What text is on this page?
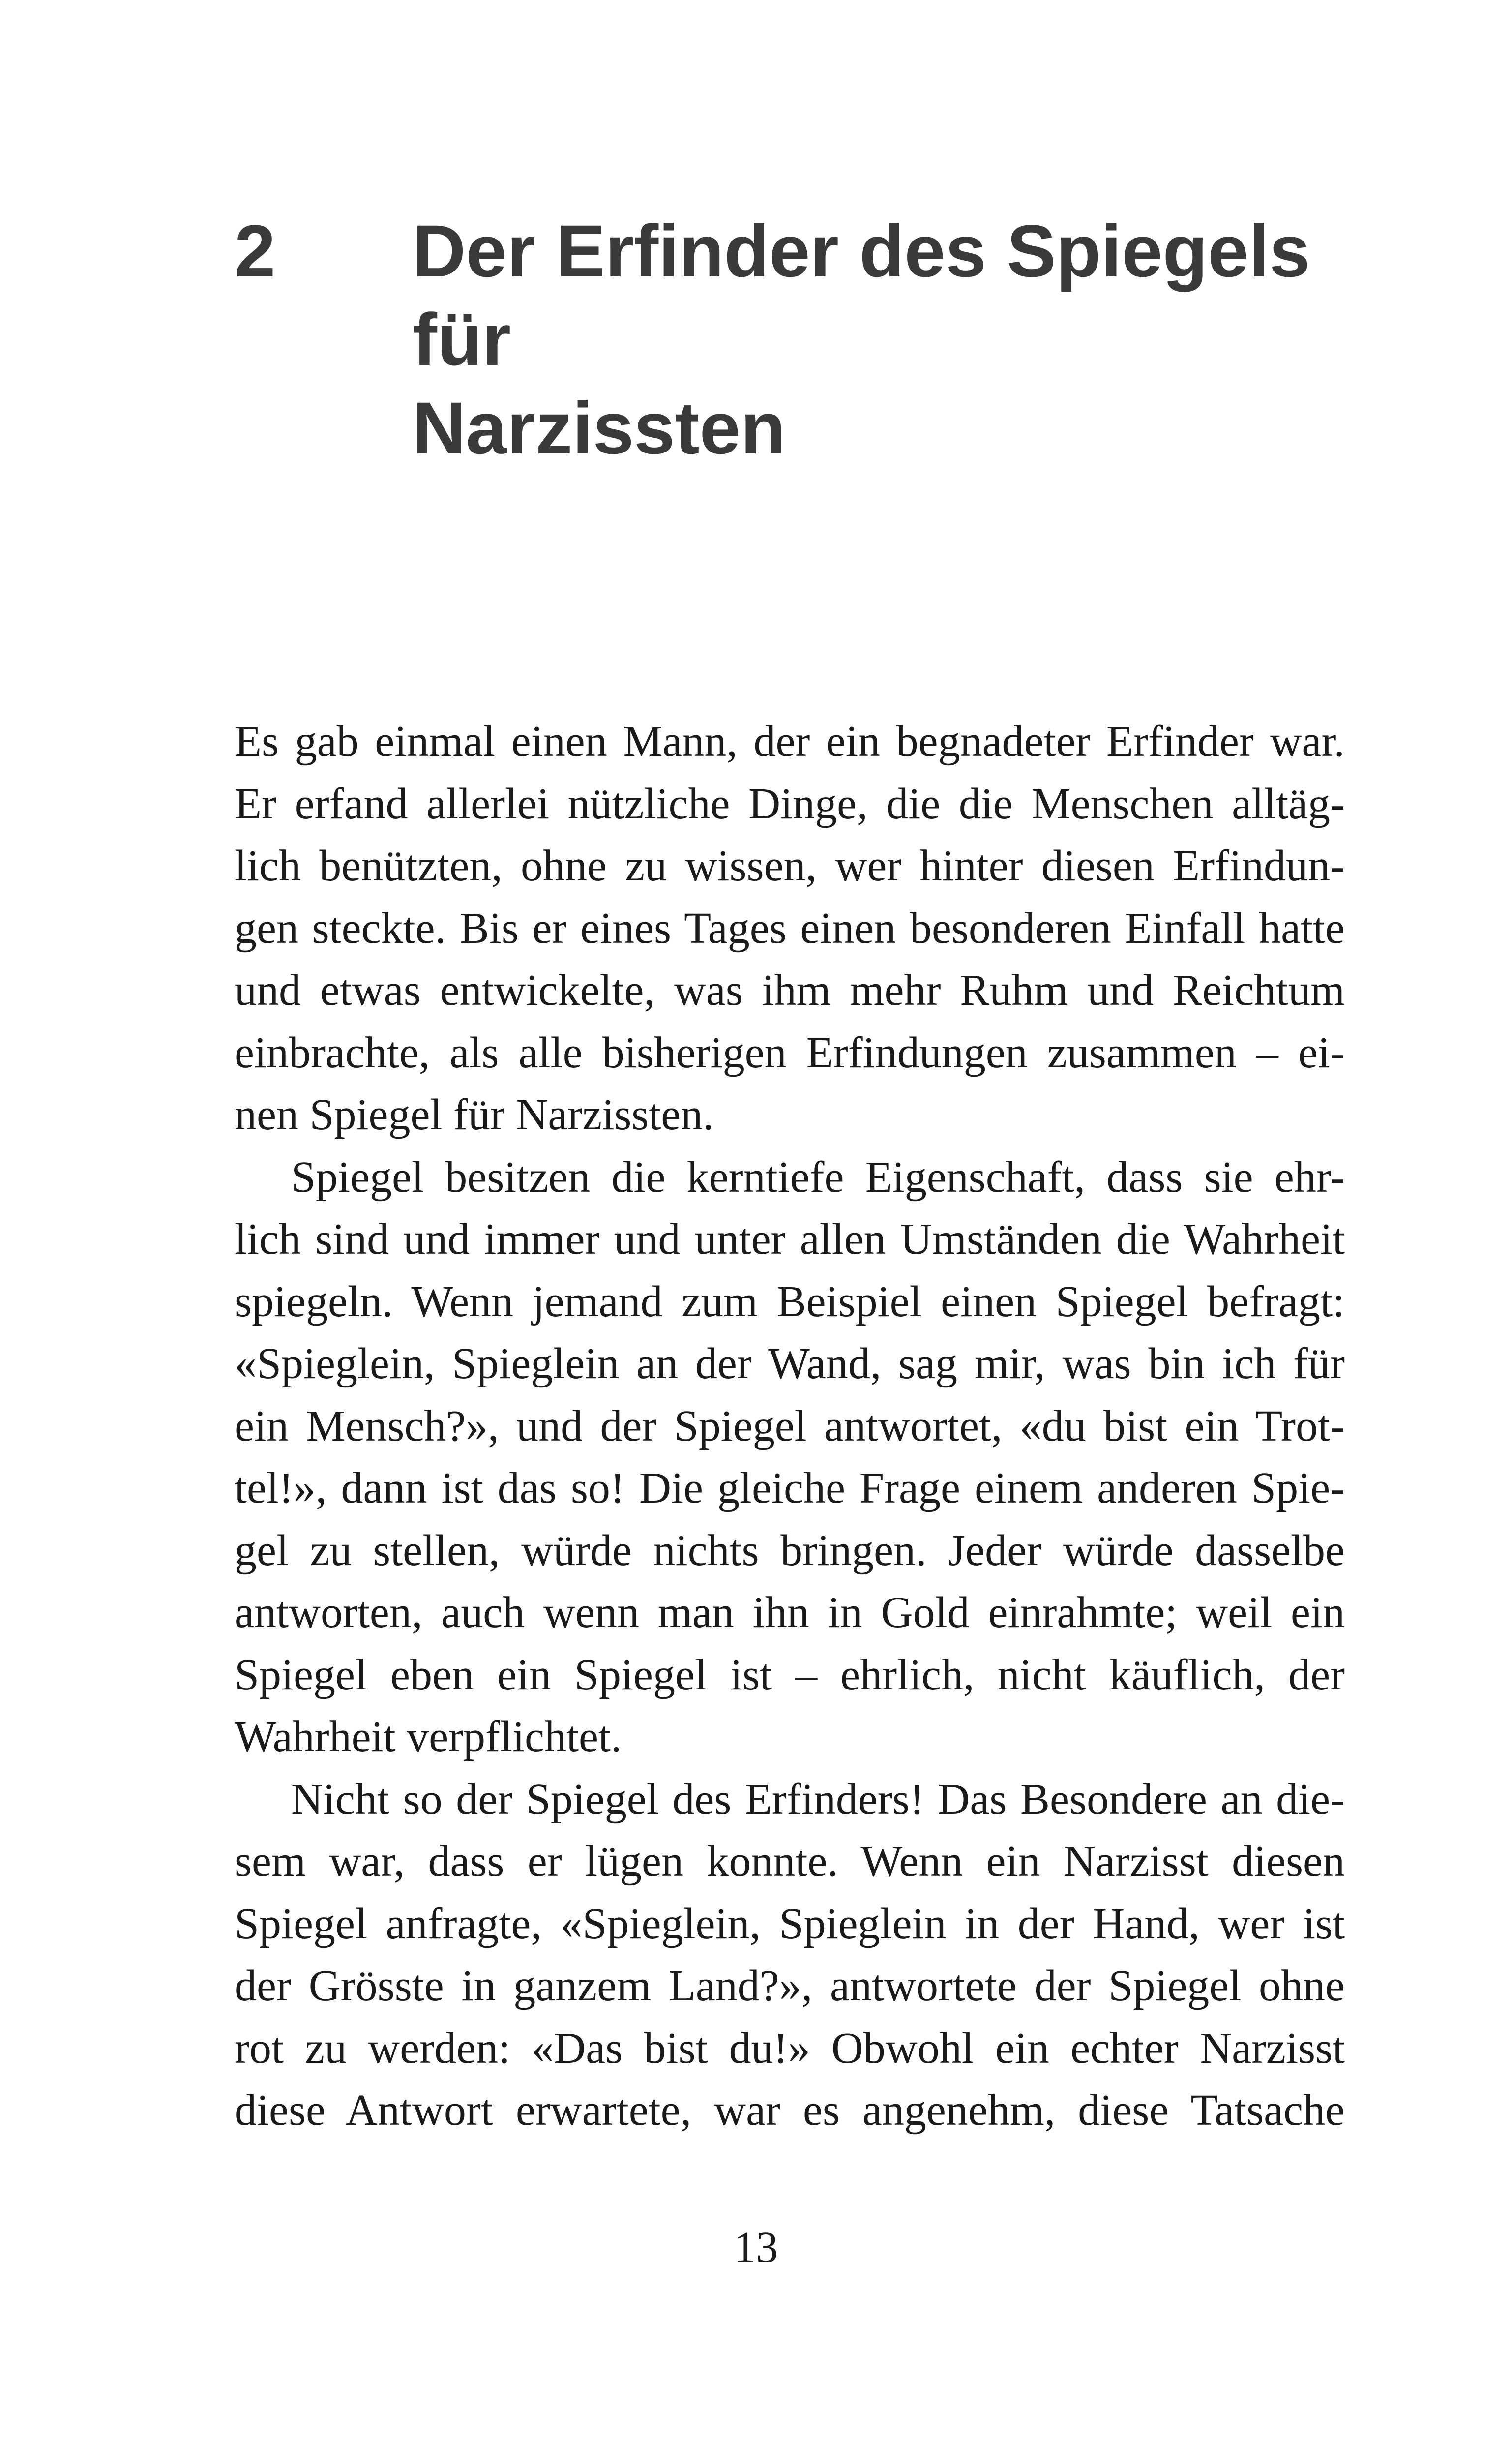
2 Der Erfinder des Spiegels für
Narzissten
Es gab einmal einen Mann, der ein begnadeter Erfinder war.
Er erfand allerlei nützliche Dinge, die die Menschen alltäg-
lich benützten, ohne zu wissen, wer hinter diesen Erfindun-
gen steckte. Bis er eines Tages einen besonderen Einfall hatte
und etwas entwickelte, was ihm mehr Ruhm und Reichtum
einbrachte, als alle bisherigen Erfindungen zusammen – ei-
nen Spiegel für Narzissten.
Spiegel besitzen die kerntiefe Eigenschaft, dass sie ehr-
lich sind und immer und unter allen Umständen die Wahrheit
spiegeln. Wenn jemand zum Beispiel einen Spiegel befragt:
«Spieglein, Spieglein an der Wand, sag mir, was bin ich für
ein Mensch?», und der Spiegel antwortet, «du bist ein Trot-
tel!», dann ist das so! Die gleiche Frage einem anderen Spie-
gel zu stellen, würde nichts bringen. Jeder würde dasselbe
antworten, auch wenn man ihn in Gold einrahmte; weil ein
Spiegel eben ein Spiegel ist – ehrlich, nicht käuflich, der
Wahrheit verpflichtet.
Nicht so der Spiegel des Erfinders! Das Besondere an die-
sem war, dass er lügen konnte. Wenn ein Narzisst diesen
Spiegel anfragte, «Spieglein, Spieglein in der Hand, wer ist
der Grösste in ganzem Land?», antwortete der Spiegel ohne
rot zu werden: «Das bist du!» Obwohl ein echter Narzisst
diese Antwort erwartete, war es angenehm, diese Tatsache
13
